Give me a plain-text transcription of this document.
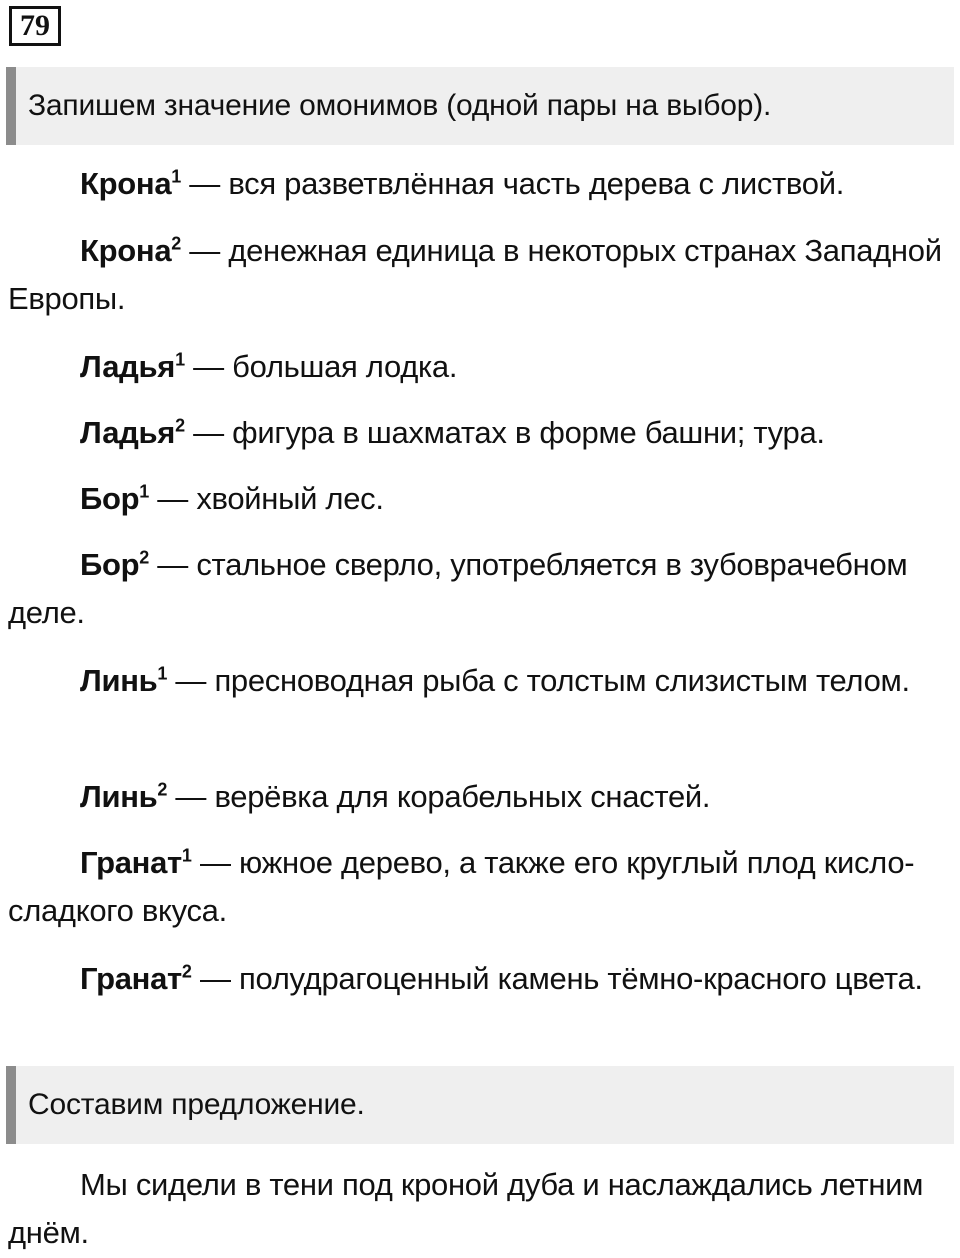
79
Запишем значение омонимов (одной пары на выбор).
Крона$^1$ — вся разветвлённая часть дерева с листвой.
Крона$^2$ — денежная единица в некоторых странах Западной Европы.
Ладья$^1$ — большая лодка.
Ладья$^2$ — фигура в шахматах в форме башни; тура.
Бор$^1$ — хвойный лес.
Бор$^2$ — стальное сверло, употребляется в зубоврачебном деле.
Линь$^1$ — пресноводная рыба с толстым слизистым телом.
Линь$^2$ — верёвка для корабельных снастей.
Гранат$^1$ — южное дерево, а также его круглый плод кисло-сладкого вкуса.
Гранат$^2$ — полудрагоценный камень тёмно-красного цвета.
Составим предложение.
Мы сидели в тени под кроной дуба и наслаждались летним днём.
